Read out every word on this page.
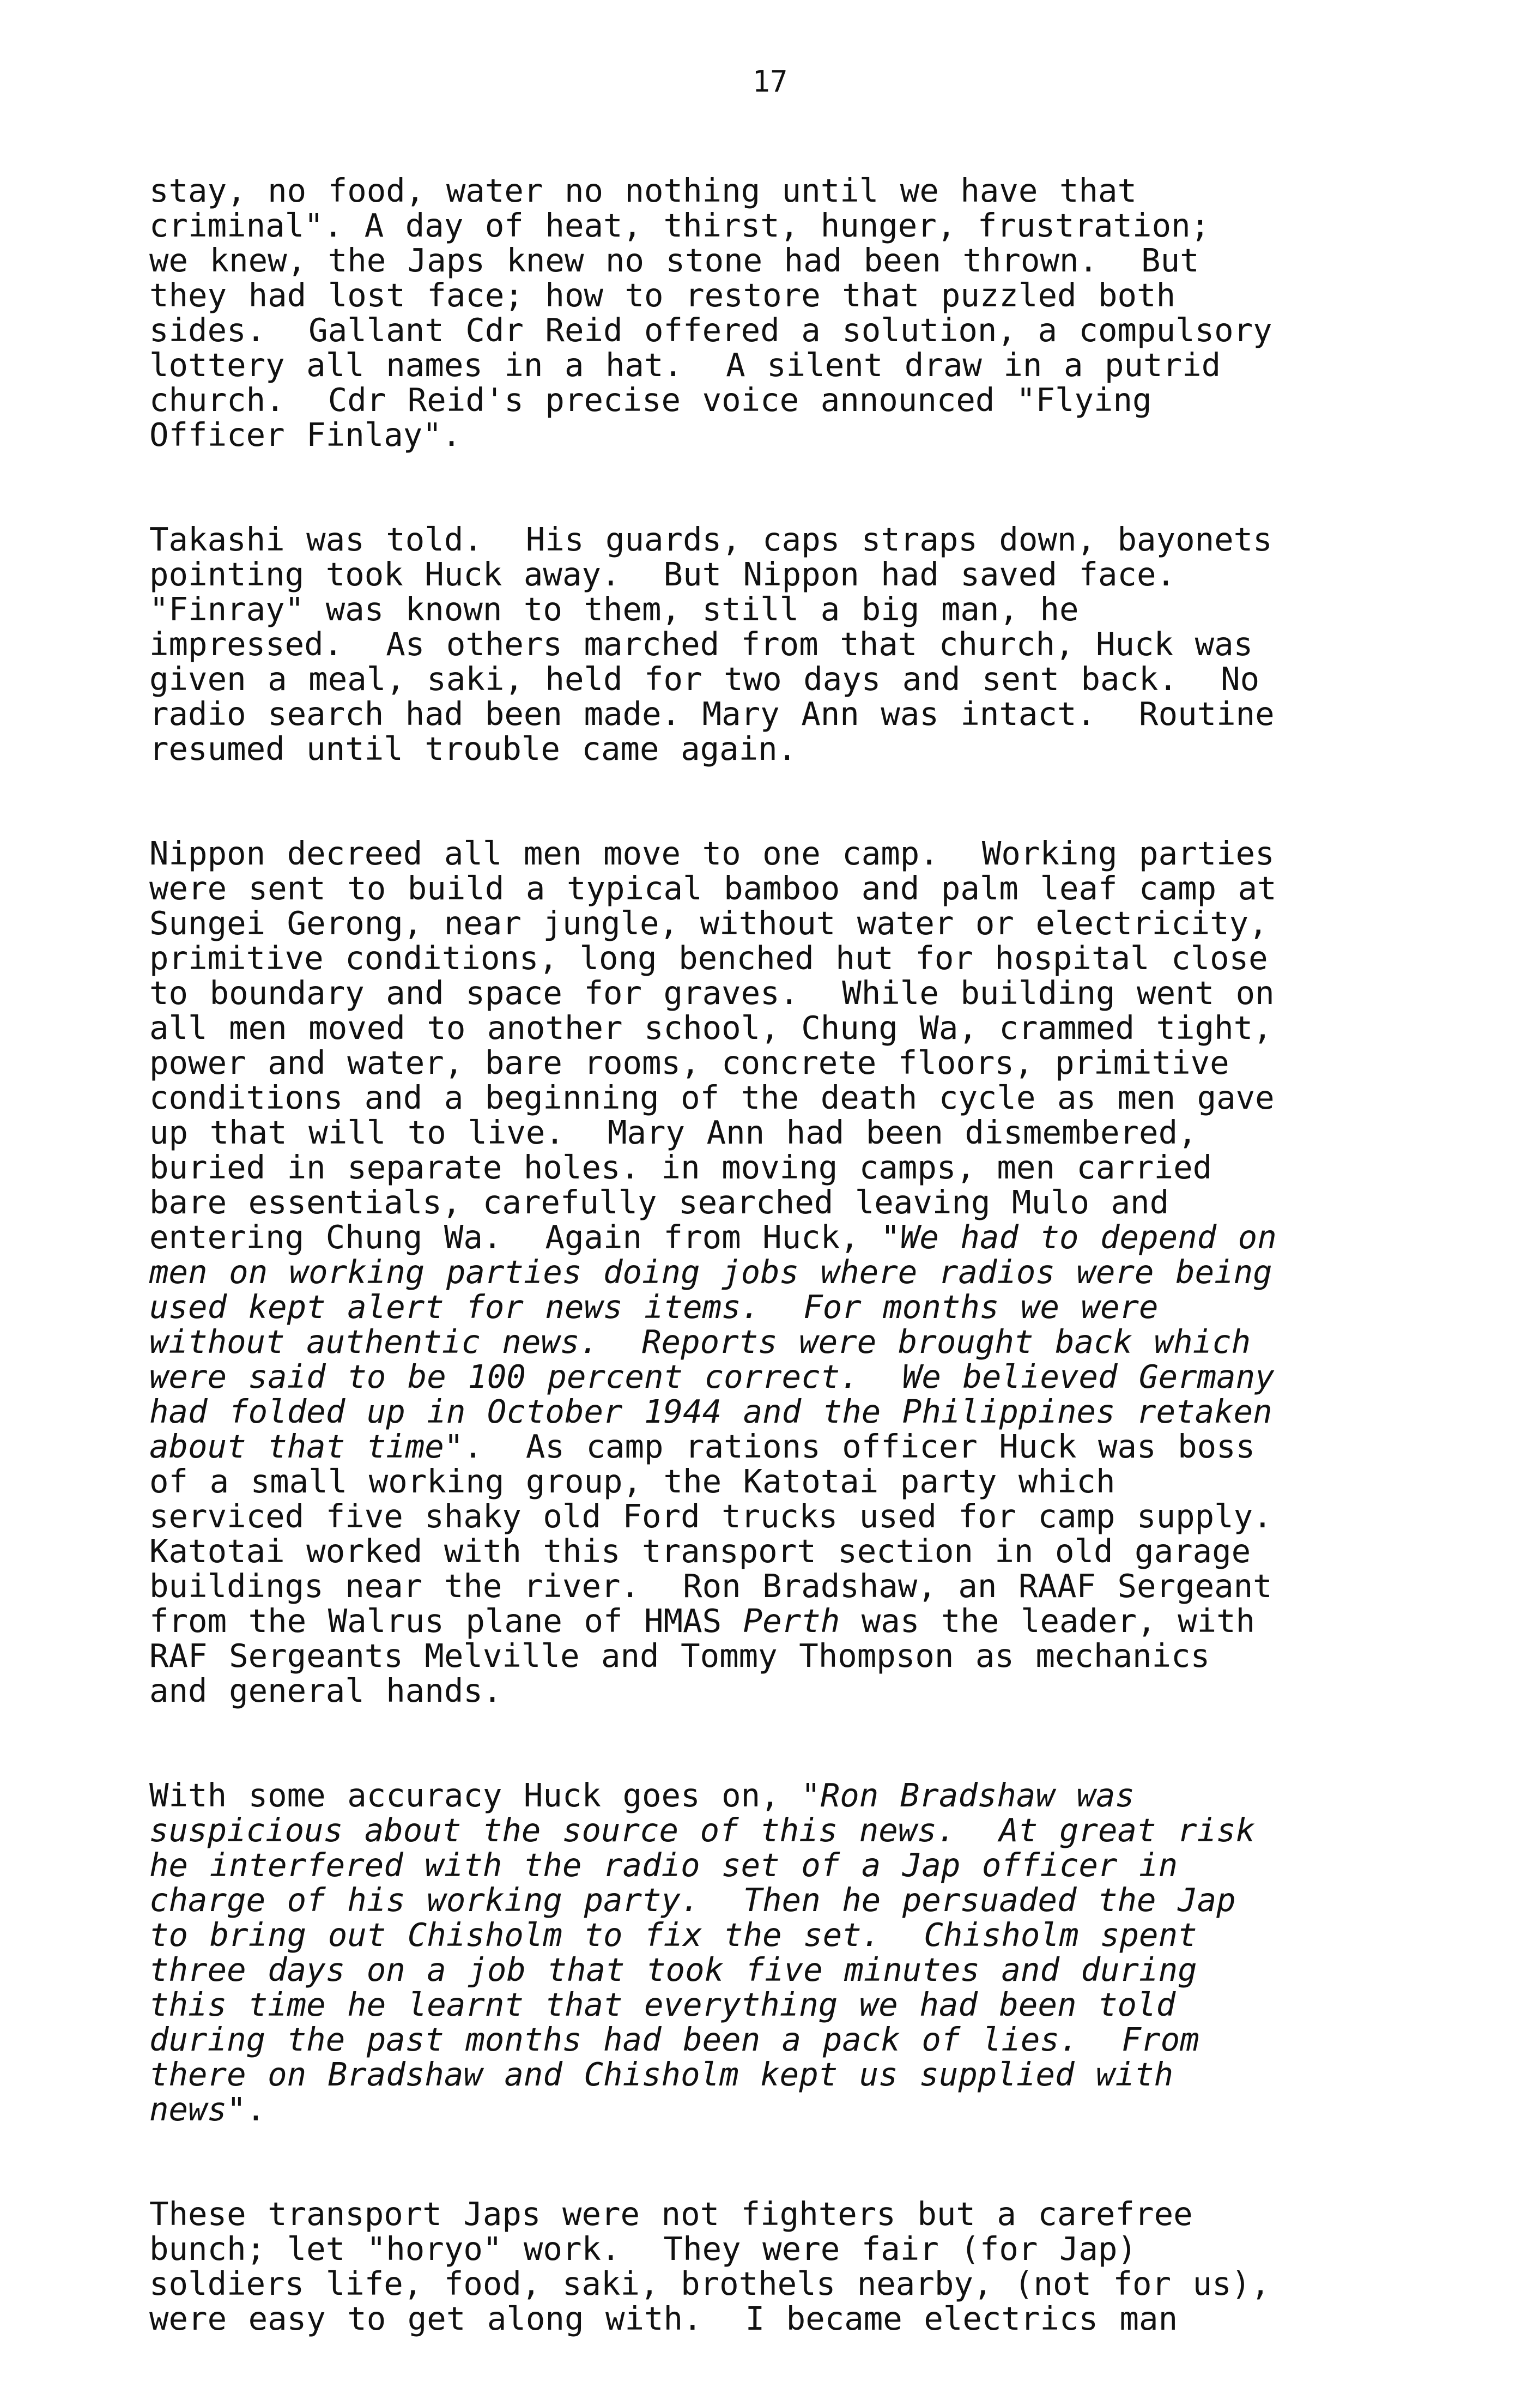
17
stay, no food, water no nothing until we have that
criminal". A day of heat, thirst, hunger, frustration;
we knew, the Japs knew no stone had been thrown.  But
they had lost face; how to restore that puzzled both
sides.  Gallant Cdr Reid offered a solution, a compulsory
lottery all names in a hat.  A silent draw in a putrid
church.  Cdr Reid's precise voice announced "Flying
Officer Finlay".
Takashi was told.  His guards, caps straps down, bayonets
pointing took Huck away.  But Nippon had saved face.
"Finray" was known to them, still a big man, he
impressed.  As others marched from that church, Huck was
given a meal, saki, held for two days and sent back.  No
radio search had been made. Mary Ann was intact.  Routine
resumed until trouble came again.
Nippon decreed all men move to one camp.  Working parties
were sent to build a typical bamboo and palm leaf camp at
Sungei Gerong, near jungle, without water or electricity,
primitive conditions, long benched hut for hospital close
to boundary and space for graves.  While building went on
all men moved to another school, Chung Wa, crammed tight,
power and water, bare rooms, concrete floors, primitive
conditions and a beginning of the death cycle as men gave
up that will to live.  Mary Ann had been dismembered,
buried in separate holes. in moving camps, men carried
bare essentials, carefully searched leaving Mulo and
entering Chung Wa.  Again from Huck, "We had to depend on
men on working parties doing jobs where radios were being
used kept alert for news items.  For months we were
without authentic news.  Reports were brought back which
were said to be 100 percent correct.  We believed Germany
had folded up in October 1944 and the Philippines retaken
about that time".  As camp rations officer Huck was boss
of a small working group, the Katotai party which
serviced five shaky old Ford trucks used for camp supply.
Katotai worked with this transport section in old garage
buildings near the river.  Ron Bradshaw, an RAAF Sergeant
from the Walrus plane of HMAS Perth was the leader, with
RAF Sergeants Melville and Tommy Thompson as mechanics
and general hands.
With some accuracy Huck goes on, "Ron Bradshaw was
suspicious about the source of this news.  At great risk
he interfered with the radio set of a Jap officer in
charge of his working party.  Then he persuaded the Jap
to bring out Chisholm to fix the set.  Chisholm spent
three days on a job that took five minutes and during
this time he learnt that everything we had been told
during the past months had been a pack of lies.  From
there on Bradshaw and Chisholm kept us supplied with
news".
These transport Japs were not fighters but a carefree
bunch; let "horyo" work.  They were fair (for Jap)
soldiers life, food, saki, brothels nearby, (not for us),
were easy to get along with.  I became electrics man
